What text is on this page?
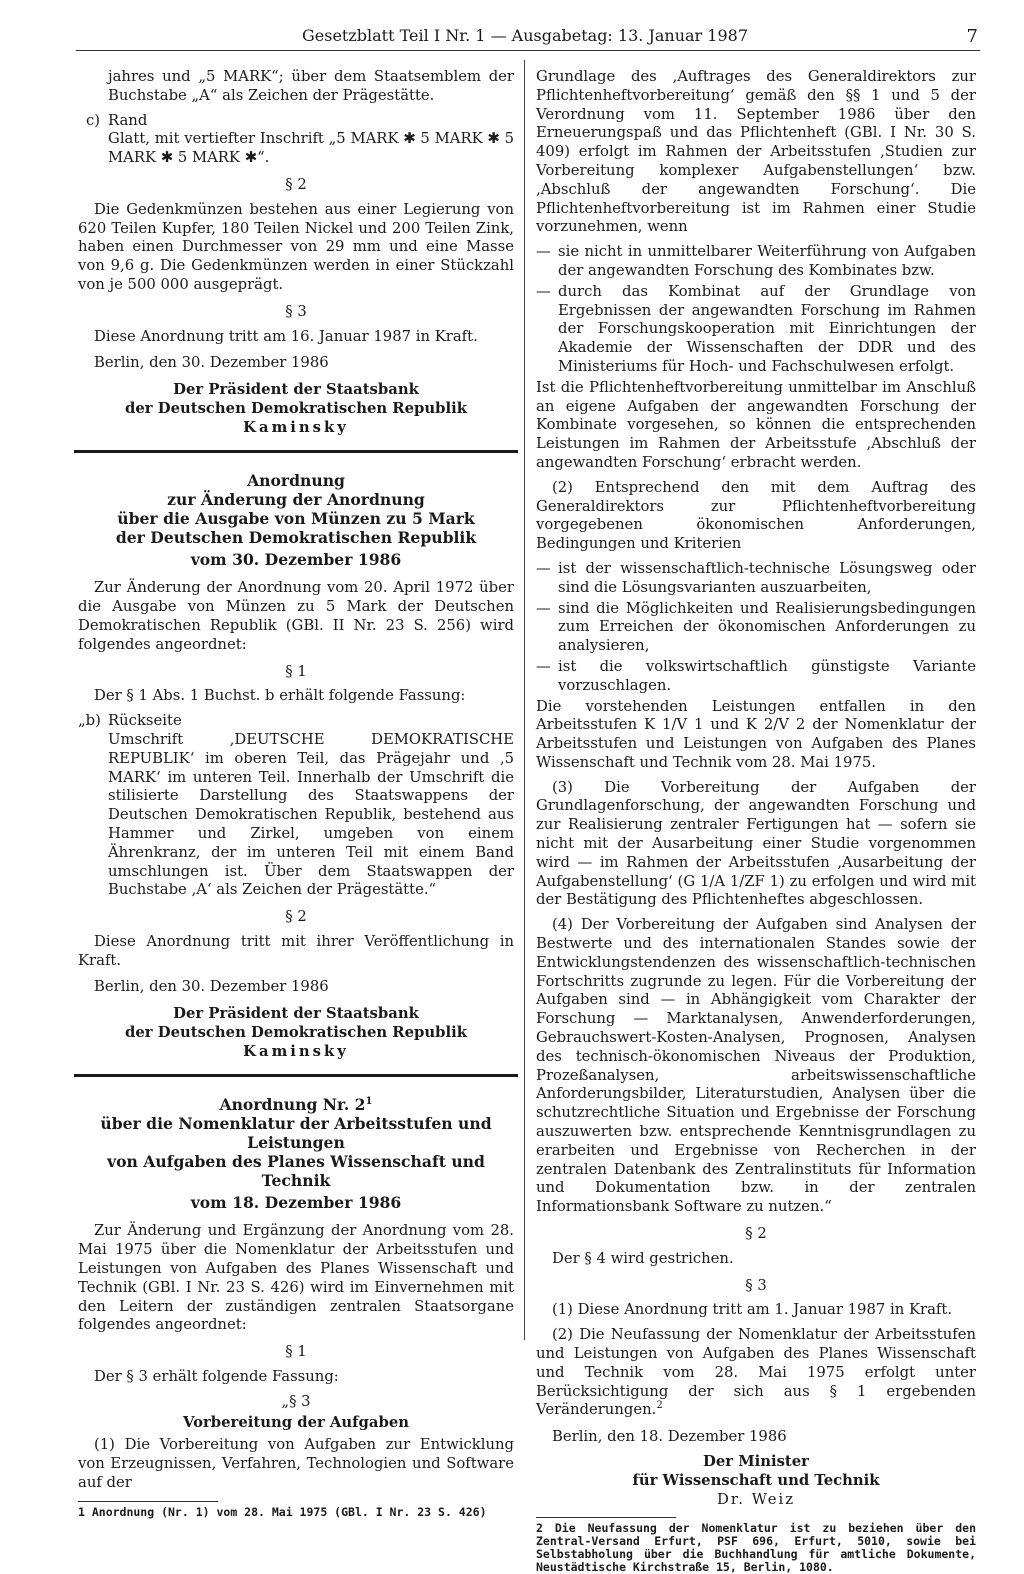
Gesetzblatt Teil I Nr. 1 — Ausgabetag: 13. Januar 1987	7

jahres und „5 MARK“; über dem Staatsemblem der Buchstabe „A“ als Zeichen der Prägestätte.

c) Rand

Glatt, mit vertiefter Inschrift „5 MARK ✱ 5 MARK ✱ 5 MARK ✱ 5 MARK ✱“.

§ 2

Die Gedenkmünzen bestehen aus einer Legierung von 620 Teilen Kupfer, 180 Teilen Nickel und 200 Teilen Zink, haben einen Durchmesser von 29 mm und eine Masse von 9,6 g. Die Gedenkmünzen werden in einer Stückzahl von je 500 000 ausgeprägt.

§ 3

Diese Anordnung tritt am 16. Januar 1987 in Kraft.

Berlin, den 30. Dezember 1986

Der Präsident der Staatsbank

der Deutschen Demokratischen Republik

Kaminsky

Anordnung

zur Änderung der Anordnung

über die Ausgabe von Münzen zu 5 Mark

der Deutschen Demokratischen Republik

vom 30. Dezember 1986

Zur Änderung der Anordnung vom 20. April 1972 über die Ausgabe von Münzen zu 5 Mark der Deutschen Demokratischen Republik (GBl. II Nr. 23 S. 256) wird folgendes angeordnet:

§ 1

Der § 1 Abs. 1 Buchst. b erhält folgende Fassung:

„b) Rückseite

Umschrift ‚DEUTSCHE DEMOKRATISCHE REPUBLIK‘ im oberen Teil, das Prägejahr und ‚5 MARK‘ im unteren Teil. Innerhalb der Umschrift die stilisierte Darstellung des Staatswappens der Deutschen Demokratischen Republik, bestehend aus Hammer und Zirkel, umgeben von einem Ährenkranz, der im unteren Teil mit einem Band umschlungen ist. Über dem Staatswappen der Buchstabe ‚A‘ als Zeichen der Prägestätte.“

§ 2

Diese Anordnung tritt mit ihrer Veröffentlichung in Kraft.

Berlin, den 30. Dezember 1986

Der Präsident der Staatsbank

der Deutschen Demokratischen Republik

Kaminsky

Anordnung Nr. $2^1$

über die Nomenklatur der Arbeitsstufen und Leistungen

von Aufgaben des Planes Wissenschaft und Technik

vom 18. Dezember 1986

Zur Änderung und Ergänzung der Anordnung vom 28. Mai 1975 über die Nomenklatur der Arbeitsstufen und Leistungen von Aufgaben des Planes Wissenschaft und Technik (GBl. I Nr. 23 S. 426) wird im Einvernehmen mit den Leitern der zuständigen zentralen Staatsorgane folgendes angeordnet:

§ 1

Der § 3 erhält folgende Fassung:

„§ 3

Vorbereitung der Aufgaben

(1) Die Vorbereitung von Aufgaben zur Entwicklung von Erzeugnissen, Verfahren, Technologien und Software auf der

1 Anordnung (Nr. 1) vom 28. Mai 1975 (GBl. I Nr. 23 S. 426)

Grundlage des ‚Auftrages des Generaldirektors zur Pflichtenheftvorbereitung‘ gemäß den §§ 1 und 5 der Verordnung vom 11. September 1986 über den Erneuerungspaß und das Pflichtenheft (GBl. I Nr. 30 S. 409) erfolgt im Rahmen der Arbeitsstufen ‚Studien zur Vorbereitung komplexer Aufgabenstellungen‘ bzw. ‚Abschluß der angewandten Forschung‘. Die Pflichtenheftvorbereitung ist im Rahmen einer Studie vorzunehmen, wenn

— sie nicht in unmittelbarer Weiterführung von Aufgaben der angewandten Forschung des Kombinates bzw.
— durch das Kombinat auf der Grundlage von Ergebnissen der angewandten Forschung im Rahmen der Forschungskooperation mit Einrichtungen der Akademie der Wissenschaften der DDR und des Ministeriums für Hoch- und Fachschulwesen erfolgt.

Ist die Pflichtenheftvorbereitung unmittelbar im Anschluß an eigene Aufgaben der angewandten Forschung der Kombinate vorgesehen, so können die entsprechenden Leistungen im Rahmen der Arbeitsstufe ‚Abschluß der angewandten Forschung‘ erbracht werden.

(2) Entsprechend den mit dem Auftrag des Generaldirektors zur Pflichtenheftvorbereitung vorgegebenen ökonomischen Anforderungen, Bedingungen und Kriterien

— ist der wissenschaftlich-technische Lösungsweg oder sind die Lösungsvarianten auszuarbeiten,
— sind die Möglichkeiten und Realisierungsbedingungen zum Erreichen der ökonomischen Anforderungen zu analysieren,
— ist die volkswirtschaftlich günstigste Variante vorzuschlagen.

Die vorstehenden Leistungen entfallen in den Arbeitsstufen K 1/V 1 und K 2/V 2 der Nomenklatur der Arbeitsstufen und Leistungen von Aufgaben des Planes Wissenschaft und Technik vom 28. Mai 1975.

(3) Die Vorbereitung der Aufgaben der Grundlagenforschung, der angewandten Forschung und zur Realisierung zentraler Fertigungen hat — sofern sie nicht mit der Ausarbeitung einer Studie vorgenommen wird — im Rahmen der Arbeitsstufen ‚Ausarbeitung der Aufgabenstellung‘ (G 1/A 1/ZF 1) zu erfolgen und wird mit der Bestätigung des Pflichtenheftes abgeschlossen.

(4) Der Vorbereitung der Aufgaben sind Analysen der Bestwerte und des internationalen Standes sowie der Entwicklungstendenzen des wissenschaftlich-technischen Fortschritts zugrunde zu legen. Für die Vorbereitung der Aufgaben sind — in Abhängigkeit vom Charakter der Forschung — Marktanalysen, Anwenderforderungen, Gebrauchswert-Kosten-Analysen, Prognosen, Analysen des technisch-ökonomischen Niveaus der Produktion, Prozeßanalysen, arbeitswissenschaftliche Anforderungsbilder, Literaturstudien, Analysen über die schutzrechtliche Situation und Ergebnisse der Forschung auszuwerten bzw. entsprechende Kenntnisgrundlagen zu erarbeiten und Ergebnisse von Recherchen in der zentralen Datenbank des Zentralinstituts für Information und Dokumentation bzw. in der zentralen Informationsbank Software zu nutzen.“

§ 2

Der § 4 wird gestrichen.

§ 3

(1) Diese Anordnung tritt am 1. Januar 1987 in Kraft.

(2) Die Neufassung der Nomenklatur der Arbeitsstufen und Leistungen von Aufgaben des Planes Wissenschaft und Technik vom 28. Mai 1975 erfolgt unter Berücksichtigung der sich aus § 1 ergebenden Veränderungen.$^2$

Berlin, den 18. Dezember 1986

Der Minister

für Wissenschaft und Technik

Dr. Weiz

2 Die Neufassung der Nomenklatur ist zu beziehen über den Zentral-Versand Erfurt, PSF 696, Erfurt, 5010, sowie bei Selbstabholung über die Buchhandlung für amtliche Dokumente, Neustädtische Kirchstraße 15, Berlin, 1080.
